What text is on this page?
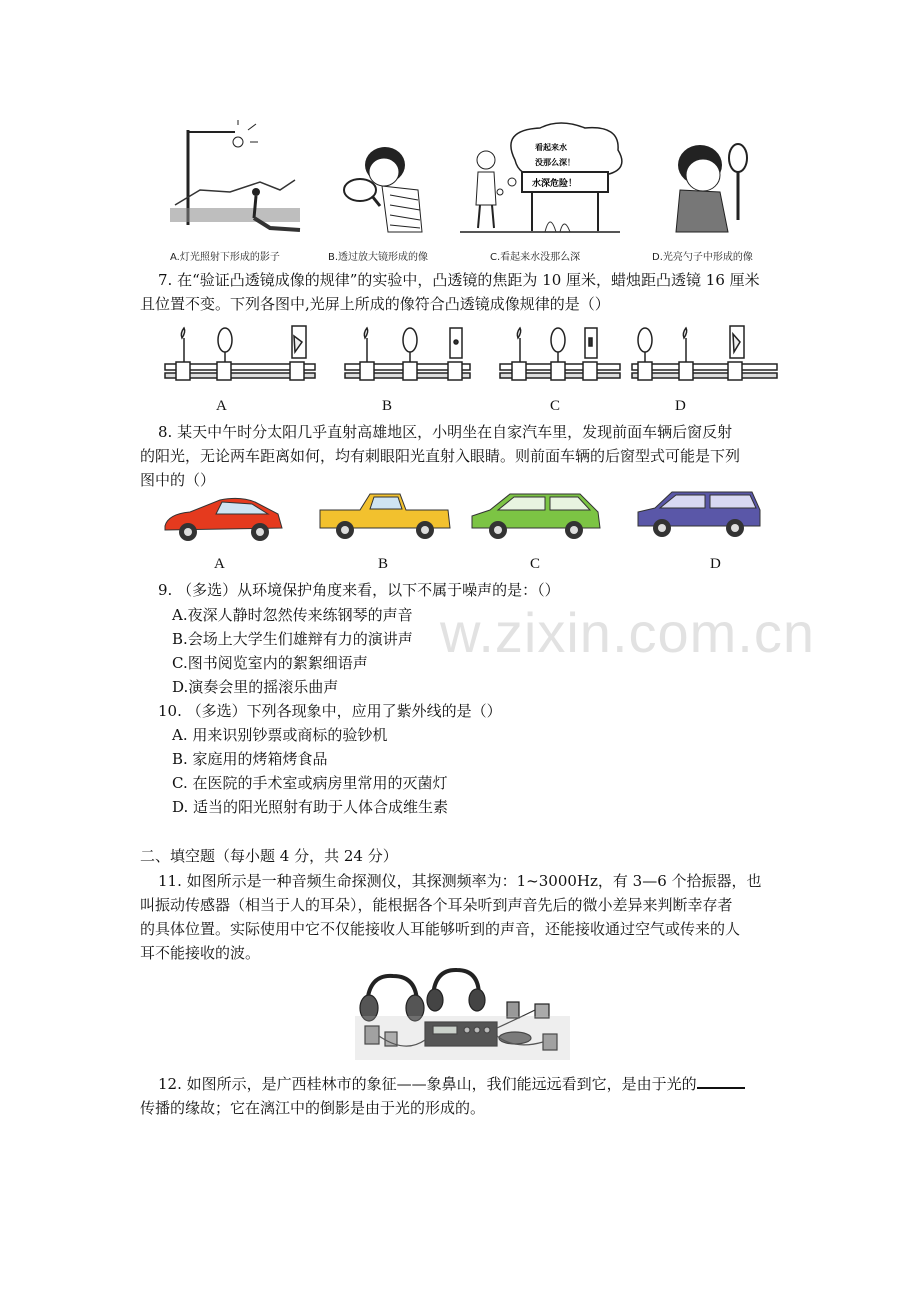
看起来水
没那么深！
水深危险！
A.灯光照射下形成的影子	B.透过放大镜形成的像	C.看起来水没那么深	D.光亮勺子中形成的像
7. 在“验证凸透镜成像的规律”的实验中，凸透镜的焦距为 10 厘米，蜡烛距凸透镜 16 厘米
且位置不变。下列各图中,光屏上所成的像符合凸透镜成像规律的是（）
A	B	C	D
8. 某天中午时分太阳几乎直射高雄地区，小明坐在自家汽车里，发现前面车辆后窗反射
的阳光，无论两车距离如何，均有刺眼阳光直射入眼睛。则前面车辆的后窗型式可能是下列
图中的（）
A	B	C	D
w.zixin.com.cn
9. （多选）从环境保护角度来看，以下不属于噪声的是：（）
A.夜深人静时忽然传来练钢琴的声音
B.会场上大学生们雄辩有力的演讲声
C.图书阅览室内的絮絮细语声
D.演奏会里的摇滚乐曲声
10. （多选）下列各现象中，应用了紫外线的是（）
A. 用来识别钞票或商标的验钞机
B. 家庭用的烤箱烤食品
C. 在医院的手术室或病房里常用的灭菌灯
D. 适当的阳光照射有助于人体合成维生素
二、填空题（每小题 4 分，共 24 分）
11. 如图所示是一种音频生命探测仪，其探测频率为：1~3000Hz，有 3—6 个拾振器，也
叫振动传感器（相当于人的耳朵），能根据各个耳朵听到声音先后的微小差异来判断幸存者
的具体位置。实际使用中它不仅能接收人耳能够听到的声音，还能接收通过空气或传来的人
耳不能接收的波。
12. 如图所示，是广西桂林市的象征——象鼻山，我们能远远看到它，是由于光的
传播的缘故；它在漓江中的倒影是由于光的形成的。
